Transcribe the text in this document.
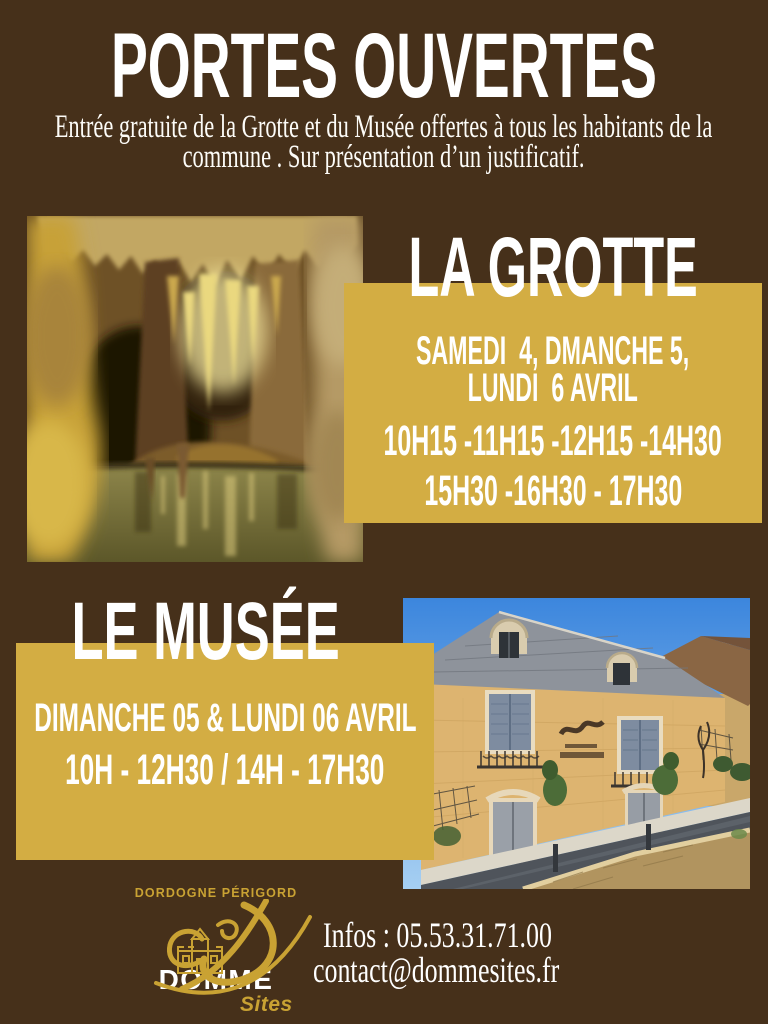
PORTES OUVERTES
Entrée gratuite de la Grotte et du Musée offertes à tous les habitants de la
commune . Sur présentation d’un justificatif.
LA GROTTE
SAMEDI  4, DMANCHE 5,
LUNDI  6 AVRIL
10H15 -11H15 -12H15 -14H30
15H30 -16H30 - 17H30
LE MUSÉE
DIMANCHE 05 & LUNDI 06 AVRIL
10H - 12H30 / 14H - 17H30
DORDOGNE PÉRIGORD
DOMME
Sites
Infos : 05.53.31.71.00
contact@dommesites.fr
